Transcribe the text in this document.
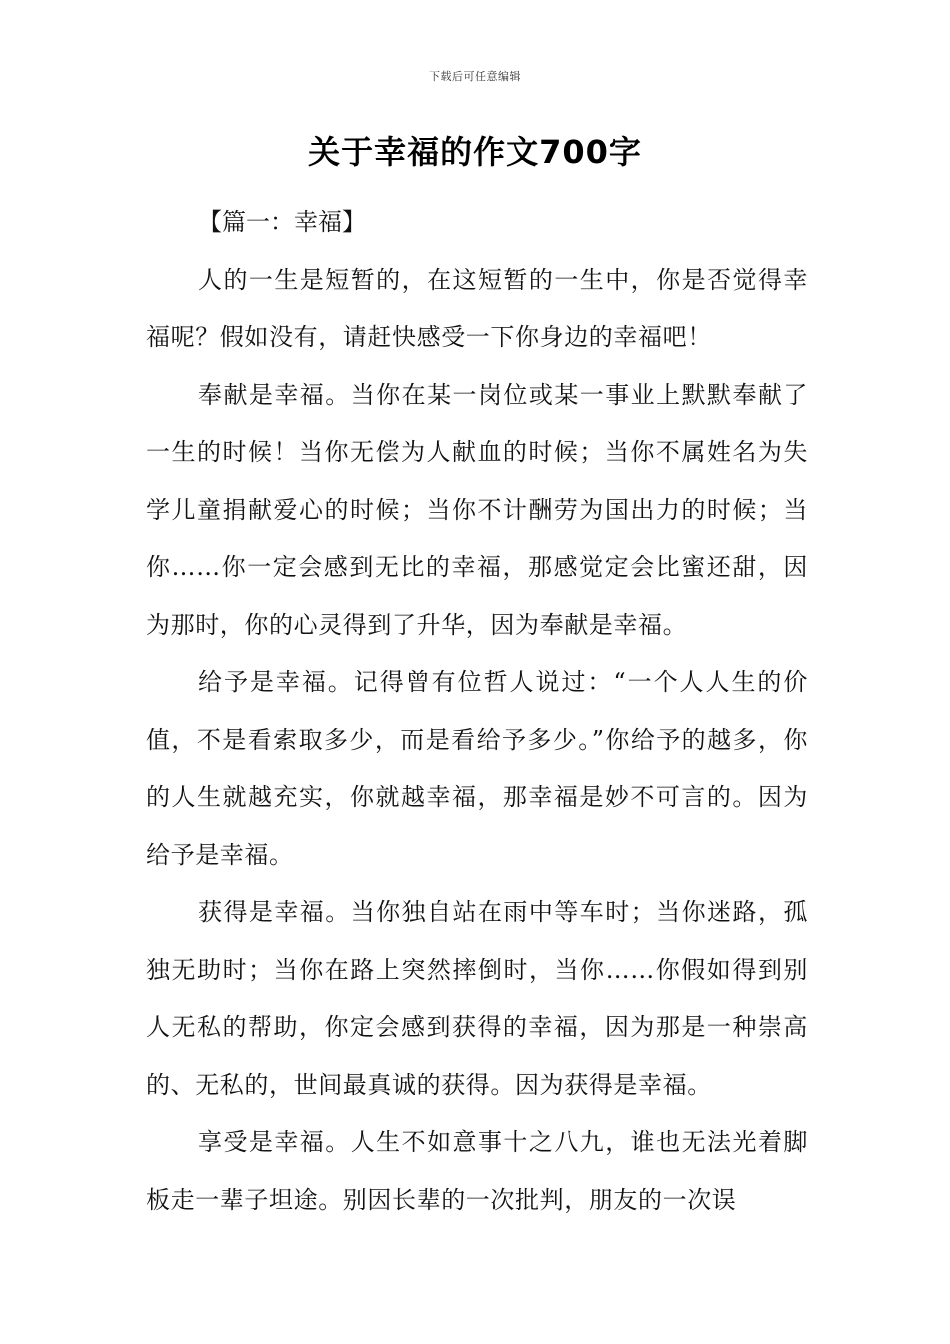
下载后可任意编辑
关于幸福的作文700字

【篇一：幸福】

人的一生是短暂的，在这短暂的一生中，你是否觉得幸福呢？假如没有，请赶快感受一下你身边的幸福吧！

奉献是幸福。当你在某一岗位或某一事业上默默奉献了一生的时候！当你无偿为人献血的时候；当你不属姓名为失学儿童捐献爱心的时候；当你不计酬劳为国出力的时候；当你……你一定会感到无比的幸福，那感觉定会比蜜还甜，因为那时，你的心灵得到了升华，因为奉献是幸福。

给予是幸福。记得曾有位哲人说过：“一个人人生的价值，不是看索取多少，而是看给予多少。”你给予的越多，你的人生就越充实，你就越幸福，那幸福是妙不可言的。因为给予是幸福。

获得是幸福。当你独自站在雨中等车时；当你迷路，孤独无助时；当你在路上突然摔倒时，当你……你假如得到别人无私的帮助，你定会感到获得的幸福，因为那是一种崇高的、无私的，世间最真诚的获得。因为获得是幸福。

享受是幸福。人生不如意事十之八九，谁也无法光着脚板走一辈子坦途。别因长辈的一次批判，朋友的一次误
